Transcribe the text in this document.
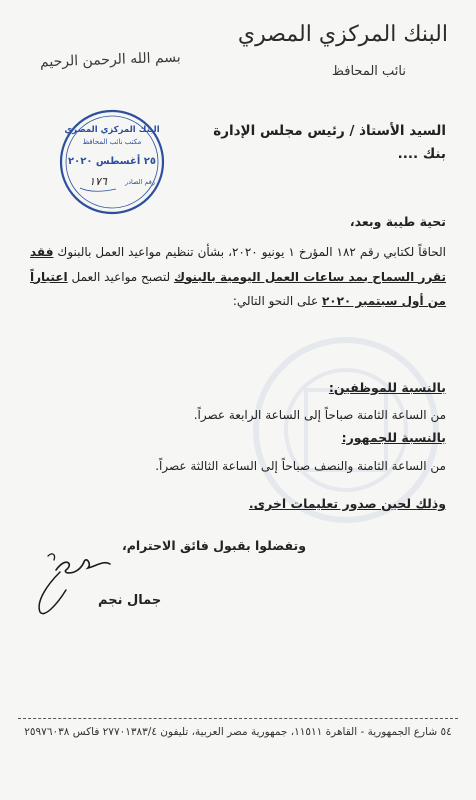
البنك المركزي المصري
نائب المحافظ
بسم الله الرحمن الرحيم
البنك المركزي المصري
مكتب نائب المحافظ
٢٥ أغسطس ٢٠٢٠
رقم الصادر
١٧٦
السيد الأستاذ / رئيس مجلس الإدارة
بنك ....
تحية طيبة وبعد،
الحاقاً لكتابي رقم ١٨٢ المؤرخ ١ يونيو ٢٠٢٠، بشأن تنظيم مواعيد العمل بالبنوك فقد تقرر السماح بمد ساعات العمل اليومية بالبنوك لتصبح مواعيد العمل اعتباراً من أول سبتمبر ٢٠٢٠ على النحو التالي:
بالنسبة للموظفين:
من الساعة الثامنة صباحاً إلى الساعة الرابعة عصراً.
بالنسبة للجمهور:
من الساعة الثامنة والنصف صباحاً إلى الساعة الثالثة عصراً.
وذلك لحين صدور تعليمات اخرى.
وتفضلوا بقبول فائق الاحترام،
جمال نجم
٥٤ شارع الجمهورية - القاهرة ١١٥١١، جمهورية مصر العربية، تليفون ٢٧٧٠١٣٨٣/٤ فاكس ٢٥٩٧٦٠٣٨
